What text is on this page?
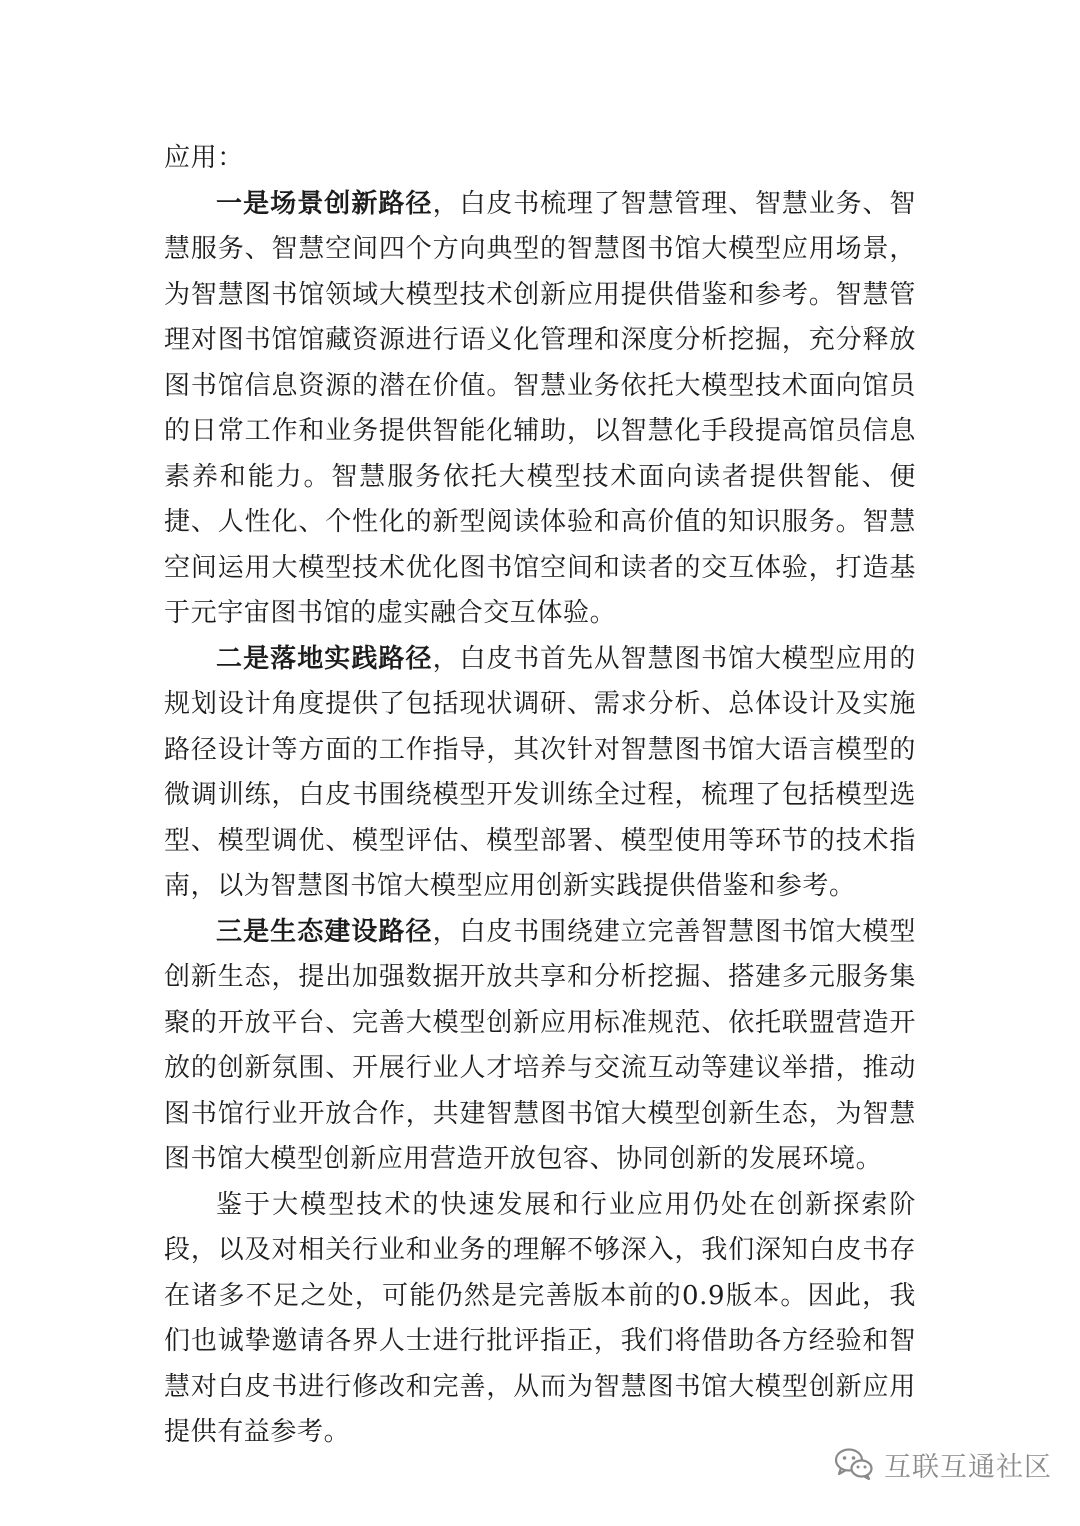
应用：

一是场景创新路径，白皮书梳理了智慧管理、智慧业务、智慧服务、智慧空间四个方向典型的智慧图书馆大模型应用场景，为智慧图书馆领域大模型技术创新应用提供借鉴和参考。智慧管理对图书馆馆藏资源进行语义化管理和深度分析挖掘，充分释放图书馆信息资源的潜在价值。智慧业务依托大模型技术面向馆员的日常工作和业务提供智能化辅助，以智慧化手段提高馆员信息素养和能力。智慧服务依托大模型技术面向读者提供智能、便捷、人性化、个性化的新型阅读体验和高价值的知识服务。智慧空间运用大模型技术优化图书馆空间和读者的交互体验，打造基于元宇宙图书馆的虚实融合交互体验。

二是落地实践路径，白皮书首先从智慧图书馆大模型应用的规划设计角度提供了包括现状调研、需求分析、总体设计及实施路径设计等方面的工作指导，其次针对智慧图书馆大语言模型的微调训练，白皮书围绕模型开发训练全过程，梳理了包括模型选型、模型调优、模型评估、模型部署、模型使用等环节的技术指南，以为智慧图书馆大模型应用创新实践提供借鉴和参考。

三是生态建设路径，白皮书围绕建立完善智慧图书馆大模型创新生态，提出加强数据开放共享和分析挖掘、搭建多元服务集聚的开放平台、完善大模型创新应用标准规范、依托联盟营造开放的创新氛围、开展行业人才培养与交流互动等建议举措，推动图书馆行业开放合作，共建智慧图书馆大模型创新生态，为智慧图书馆大模型创新应用营造开放包容、协同创新的发展环境。

鉴于大模型技术的快速发展和行业应用仍处在创新探索阶段，以及对相关行业和业务的理解不够深入，我们深知白皮书存在诸多不足之处，可能仍然是完善版本前的0.9版本。因此，我们也诚挚邀请各界人士进行批评指正，我们将借助各方经验和智慧对白皮书进行修改和完善，从而为智慧图书馆大模型创新应用提供有益参考。

互联互通社区
